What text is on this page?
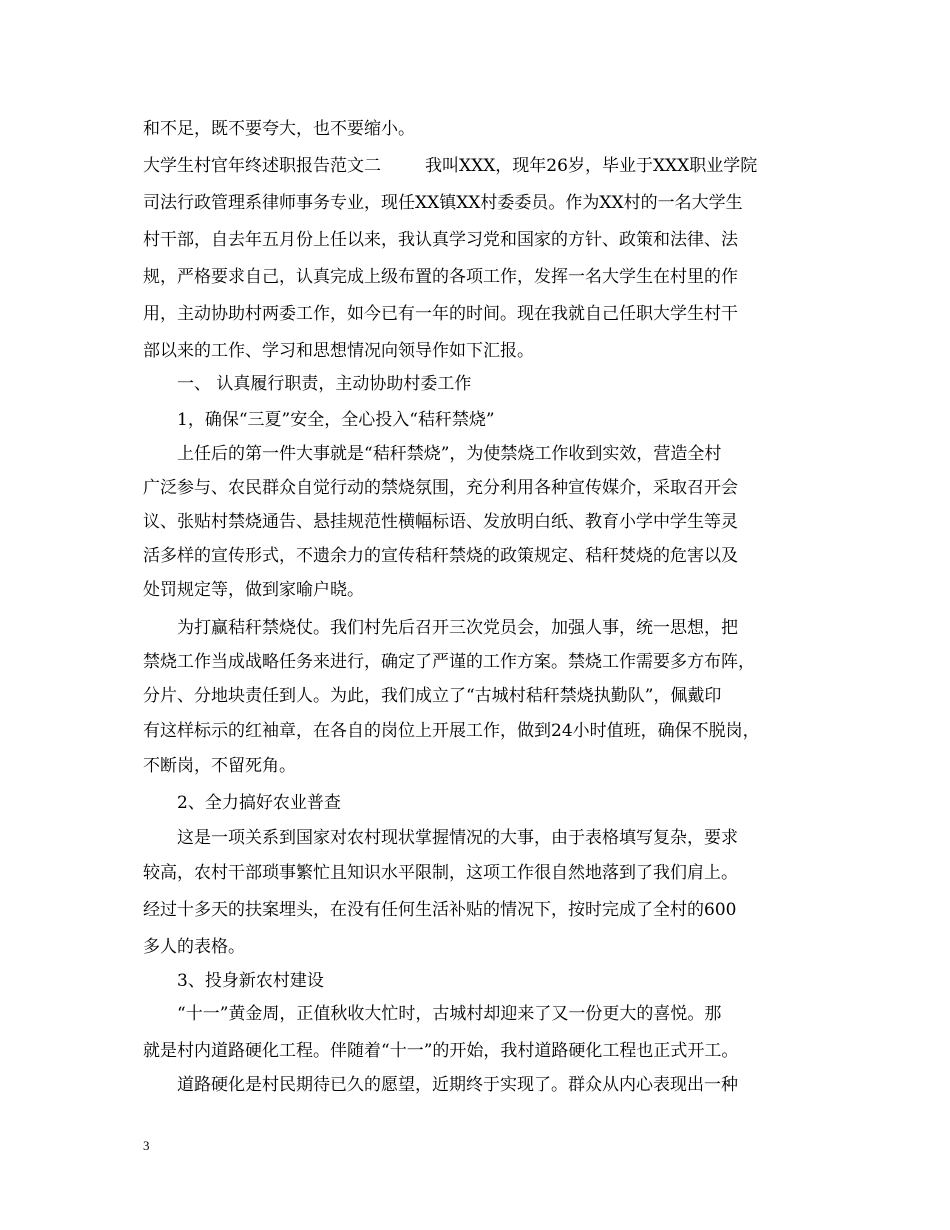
和不足，既不要夸大，也不要缩小。

大学生村官年终述职报告范文二	我叫XXX，现年26岁，毕业于XXX职业学院

司法行政管理系律师事务专业，现任XX镇XX村委委员。作为XX村的一名大学生

村干部，自去年五月份上任以来，我认真学习党和国家的方针、政策和法律、法

规，严格要求自己，认真完成上级布置的各项工作，发挥一名大学生在村里的作

用，主动协助村两委工作，如今已有一年的时间。现在我就自己任职大学生村干

部以来的工作、学习和思想情况向领导作如下汇报。

一、 认真履行职责，主动协助村委工作

1，确保“三夏”安全，全心投入“秸秆禁烧”

上任后的第一件大事就是“秸秆禁烧”，为使禁烧工作收到实效，营造全村

广泛参与、农民群众自觉行动的禁烧氛围，充分利用各种宣传媒介，采取召开会

议、张贴村禁烧通告、悬挂规范性横幅标语、发放明白纸、教育小学中学生等灵

活多样的宣传形式，不遗余力的宣传秸秆禁烧的政策规定、秸秆焚烧的危害以及

处罚规定等，做到家喻户晓。

为打赢秸秆禁烧仗。我们村先后召开三次党员会，加强人事，统一思想，把

禁烧工作当成战略任务来进行，确定了严谨的工作方案。禁烧工作需要多方布阵，

分片、分地块责任到人。为此，我们成立了“古城村秸秆禁烧执勤队”，佩戴印

有这样标示的红袖章，在各自的岗位上开展工作，做到24小时值班，确保不脱岗，

不断岗，不留死角。

2、全力搞好农业普查

这是一项关系到国家对农村现状掌握情况的大事，由于表格填写复杂，要求

较高，农村干部琐事繁忙且知识水平限制，这项工作很自然地落到了我们肩上。

经过十多天的扶案埋头，在没有任何生活补贴的情况下，按时完成了全村的600

多人的表格。

3、投身新农村建设

“十一”黄金周，正值秋收大忙时，古城村却迎来了又一份更大的喜悦。那

就是村内道路硬化工程。伴随着“十一”的开始，我村道路硬化工程也正式开工。

道路硬化是村民期待已久的愿望，近期终于实现了。群众从内心表现出一种

3
